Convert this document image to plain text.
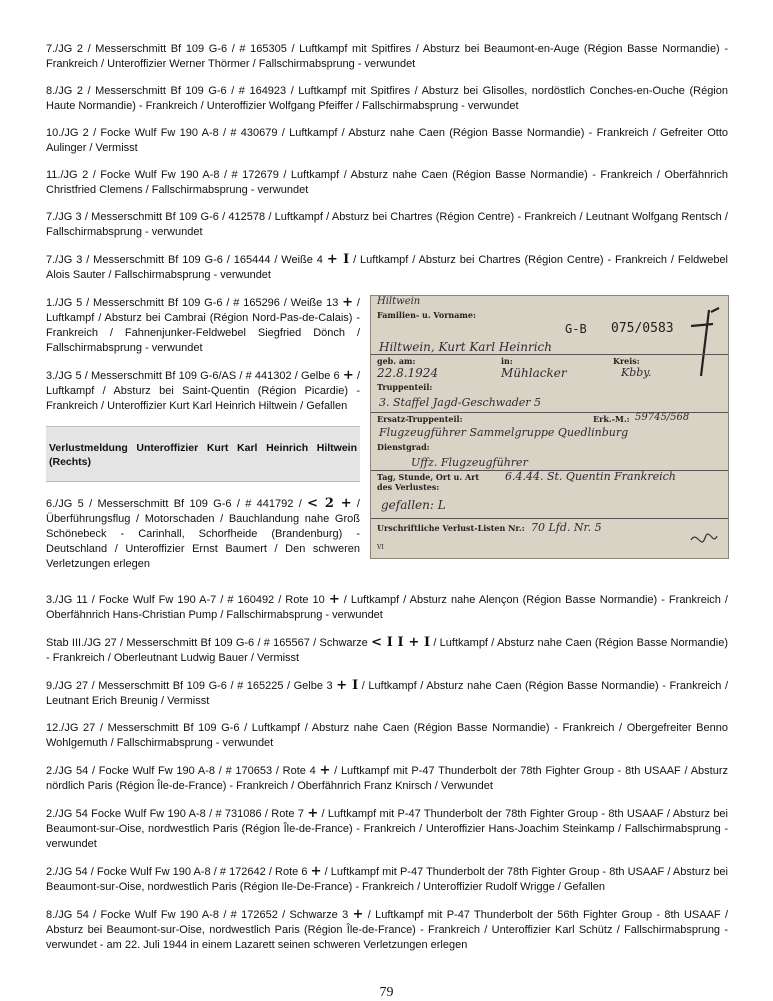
7./JG 2 / Messerschmitt Bf 109 G-6 / # 165305 / Luftkampf mit Spitfires / Absturz bei Beaumont-en-Auge (Région Basse Normandie) - Frankreich / Unteroffizier Werner Thörmer / Fallschirmabsprung - verwundet

8./JG 2 / Messerschmitt Bf 109 G-6 / # 164923 / Luftkampf mit Spitfires / Absturz bei Glisolles, nordöstlich Conches-en-Ouche (Région Haute Normandie) - Frankreich / Unteroffizier Wolfgang Pfeiffer / Fallschirmabsprung - verwundet

10./JG 2 / Focke Wulf Fw 190 A-8 / # 430679 / Luftkampf / Absturz nahe Caen (Région Basse Normandie) - Frankreich / Gefreiter Otto Aulinger / Vermisst

11./JG 2 / Focke Wulf Fw 190 A-8 / # 172679 / Luftkampf / Absturz nahe Caen (Région Basse Normandie) - Frankreich / Oberfähnrich Christfried Clemens / Fallschirmabsprung - verwundet

7./JG 3 / Messerschmitt Bf 109 G-6 / 412578 / Luftkampf / Absturz bei Chartres (Région Centre) - Frankreich / Leutnant Wolfgang Rentsch / Fallschirmabsprung - verwundet

7./JG 3 / Messerschmitt Bf 109 G-6 / 165444 / Weiße 4 + I / Luftkampf / Absturz bei Chartres (Région Centre) - Frankreich / Feldwebel Alois Sauter / Fallschirmabsprung - verwundet

1./JG 5 / Messerschmitt Bf 109 G-6 / # 165296 / Weiße 13 + / Luftkampf / Absturz bei Cambrai (Région Nord-Pas-de-Calais) - Frankreich / Fahnenjunker-Feldwebel Siegfried Dönch / Fallschirmabsprung - verwundet

3./JG 5 / Messerschmitt Bf 109 G-6/AS / # 441302 / Gelbe 6 + / Luftkampf / Absturz bei Saint-Quentin (Région Picardie) - Frankreich / Unteroffizier Kurt Karl Heinrich Hiltwein / Gefallen

Verlustmeldung Unteroffizier Kurt Karl Heinrich Hiltwein (Rechts)

6./JG 5 / Messerschmitt Bf 109 G-6 / # 441792 / < 2 + / Überführungsflug / Motorschaden / Bauchlandung nahe Groß Schönebeck - Carinhall, Schorfheide (Brandenburg) - Deutschland / Unteroffizier Ernst Baumert / Den schweren Verletzungen erlegen

Hiltwein
Familien- u. Vorname:
G-B 075/0583
Hiltwein, Kurt Karl Heinrich
geb. am:	in:	Kreis:
22.8.1924	Mühlacker	Kbby.
Truppenteil:
3. Staffel Jagd-Geschwader 5
Ersatz-Truppenteil:	Erk.-M.: 59745/568
Flugzeugführer Sammelgruppe Quedlinburg
Dienstgrad:
Uffz. Flugzeugführer
Tag, Stunde, Ort u. Art
des Verlustes:
6.4.44. St. Quentin Frankreich
gefallen: L
Urschriftliche Verlust-Listen Nr.: 70 Lfd. Nr. 5
VI

3./JG 11 / Focke Wulf Fw 190 A-7 / # 160492 / Rote 10 + / Luftkampf / Absturz nahe Alençon (Région Basse Normandie) - Frankreich / Oberfähnrich Hans-Christian Pump / Fallschirmabsprung - verwundet

Stab III./JG 27 / Messerschmitt Bf 109 G-6 / # 165567 / Schwarze < I I + I / Luftkampf / Absturz nahe Caen (Région Basse Normandie) - Frankreich / Oberleutnant Ludwig Bauer / Vermisst

9./JG 27 / Messerschmitt Bf 109 G-6 / # 165225 / Gelbe 3 + I / Luftkampf / Absturz nahe Caen (Région Basse Normandie) - Frankreich / Leutnant Erich Breunig / Vermisst

12./JG 27 / Messerschmitt Bf 109 G-6 / Luftkampf / Absturz nahe Caen (Région Basse Normandie) - Frankreich / Obergefreiter Benno Wohlgemuth / Fallschirmabsprung - verwundet

2./JG 54 / Focke Wulf Fw 190 A-8 / # 170653 / Rote 4 + / Luftkampf mit P-47 Thunderbolt der 78th Fighter Group - 8th USAAF / Absturz nördlich Paris (Région Île-de-France) - Frankreich / Oberfähnrich Franz Knirsch / Verwundet

2./JG 54 Focke Wulf Fw 190 A-8 / # 731086 / Rote 7 + / Luftkampf mit P-47 Thunderbolt der 78th Fighter Group - 8th USAAF / Absturz bei Beaumont-sur-Oise, nordwestlich Paris (Région Île-de-France) - Frankreich / Unteroffizier Hans-Joachim Steinkamp / Fallschirmabsprung - verwundet

2./JG 54 / Focke Wulf Fw 190 A-8 / # 172642 / Rote 6 + / Luftkampf mit P-47 Thunderbolt der 78th Fighter Group - 8th USAAF / Absturz bei Beaumont-sur-Oise, nordwestlich Paris (Région Ile-De-France) - Frankreich / Unteroffizier Rudolf Wrigge / Gefallen

8./JG 54 / Focke Wulf Fw 190 A-8 / # 172652 / Schwarze 3 + / Luftkampf mit P-47 Thunderbolt der 56th Fighter Group - 8th USAAF / Absturz bei Beaumont-sur-Oise, nordwestlich Paris (Région Île-de-France) - Frankreich / Unteroffizier Karl Schütz / Fallschirmabsprung - verwundet - am 22. Juli 1944 in einem Lazarett seinen schweren Verletzungen erlegen

79
